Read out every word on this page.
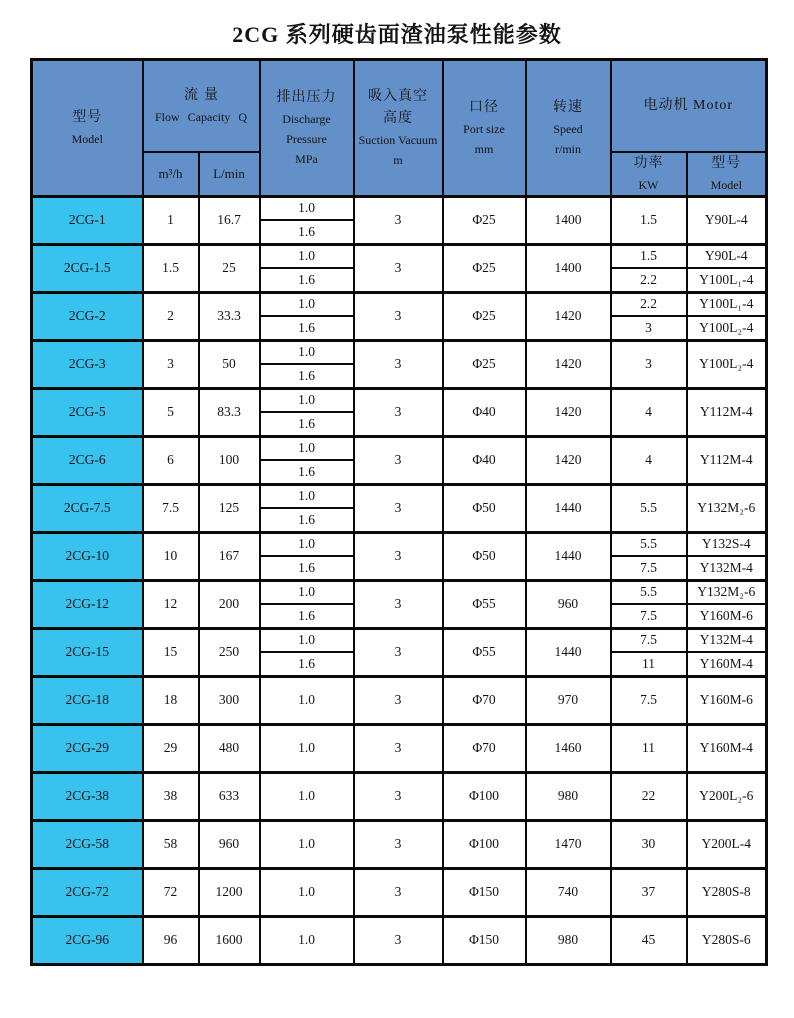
2CG 系列硬齿面渣油泵性能参数
型号
Model

流量
Flow Capacity Q

排出压力
Discharge
Pressure
MPa

吸入真空
高度
Suction Vacuum
m

口径
Port size
mm

转速
Speed
r/min

电动机 Motor

m³/h	L/min

功率
KW

型号
Model

2CG-1	1	16.7	1.0	3	Φ25	1400	1.5	Y90L-4
			1.6					
2CG-1.5	1.5	25	1.0	3	Φ25	1400	1.5	Y90L-4
			1.6				2.2	Y100L₁-4
2CG-2	2	33.3	1.0	3	Φ25	1420	2.2	Y100L₁-4
			1.6				3	Y100L₂-4
2CG-3	3	50	1.0	3	Φ25	1420	3	Y100L₂-4
			1.6					
2CG-5	5	83.3	1.0	3	Φ40	1420	4	Y112M-4
			1.6					
2CG-6	6	100	1.0	3	Φ40	1420	4	Y112M-4
			1.6					
2CG-7.5	7.5	125	1.0	3	Φ50	1440	5.5	Y132M₂-6
			1.6					
2CG-10	10	167	1.0	3	Φ50	1440	5.5	Y132S-4
			1.6				7.5	Y132M-4
2CG-12	12	200	1.0	3	Φ55	960	5.5	Y132M₂-6
			1.6				7.5	Y160M-6
2CG-15	15	250	1.0	3	Φ55	1440	7.5	Y132M-4
			1.6				11	Y160M-4
2CG-18	18	300	1.0	3	Φ70	970	7.5	Y160M-6
2CG-29	29	480	1.0	3	Φ70	1460	11	Y160M-4
2CG-38	38	633	1.0	3	Φ100	980	22	Y200L₂-6
2CG-58	58	960	1.0	3	Φ100	1470	30	Y200L-4
2CG-72	72	1200	1.0	3	Φ150	740	37	Y280S-8
2CG-96	96	1600	1.0	3	Φ150	980	45	Y280S-6
